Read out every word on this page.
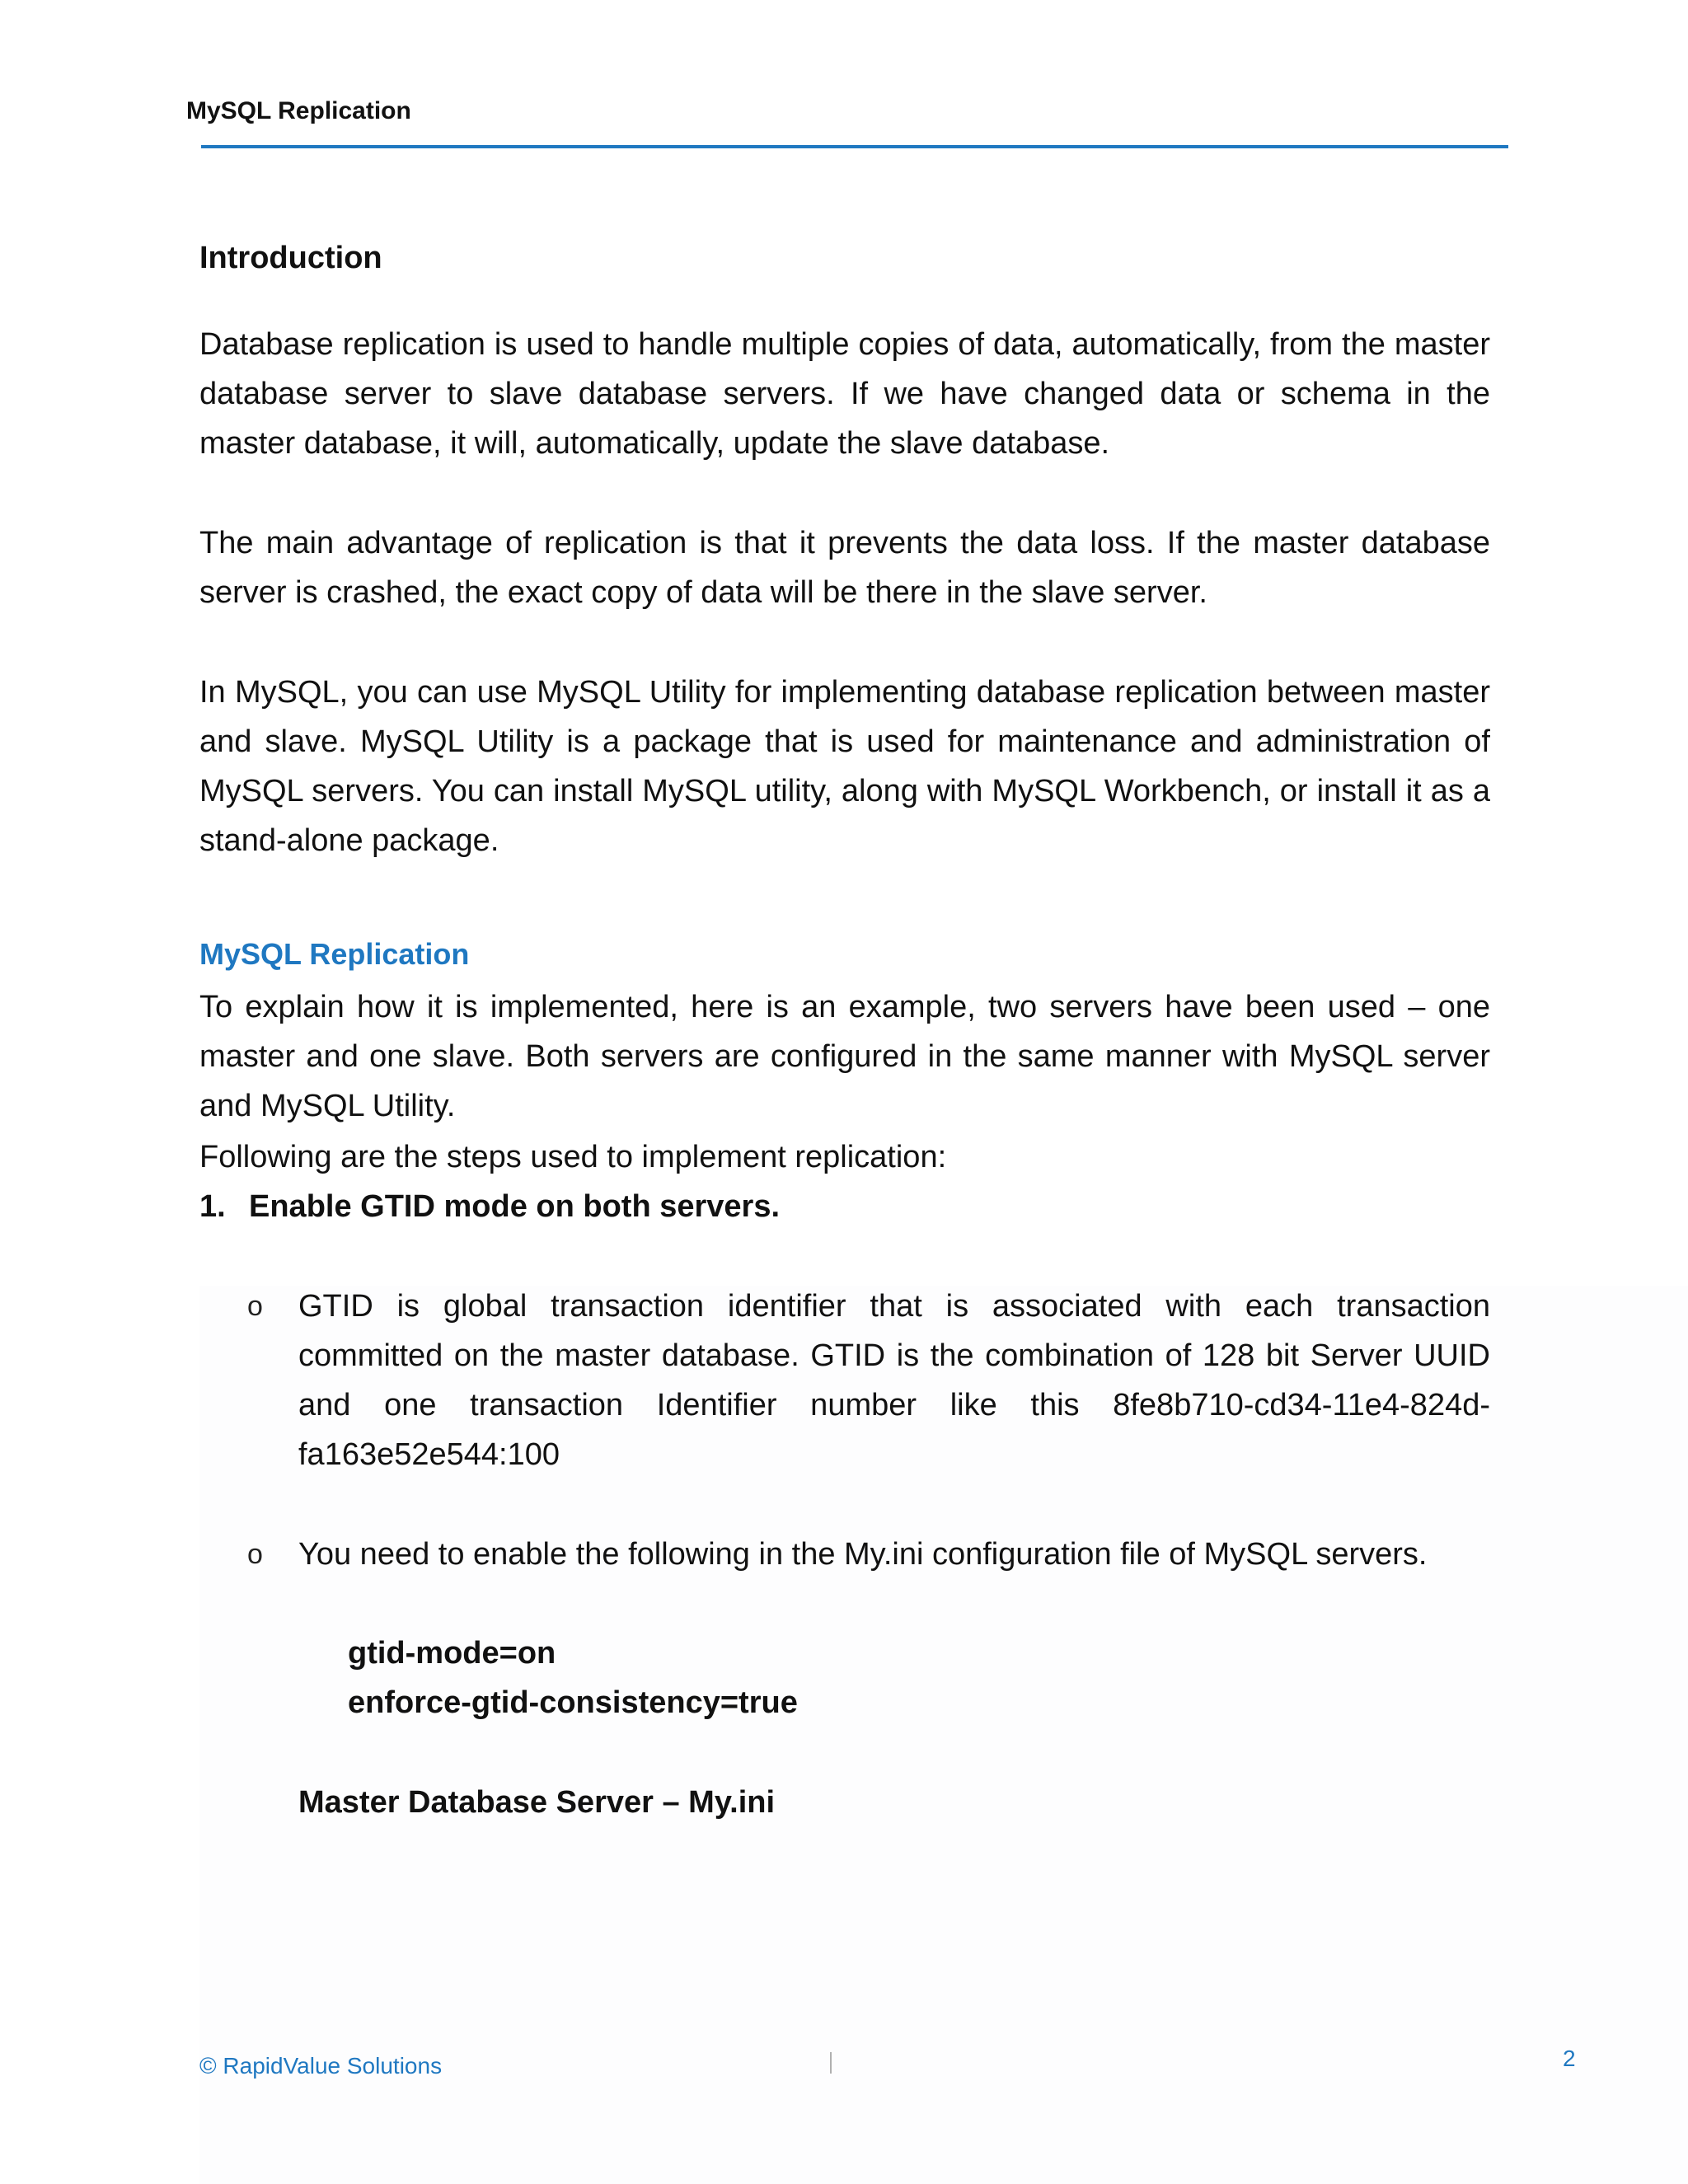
MySQL Replication
Introduction

Database replication is used to handle multiple copies of data, automatically, from the master database server to slave database servers. If we have changed data or schema in the master database, it will, automatically, update the slave database.

The main advantage of replication is that it prevents the data loss. If the master database server is crashed, the exact copy of data will be there in the slave server.

In MySQL, you can use MySQL Utility for implementing database replication between master and slave. MySQL Utility is a package that is used for maintenance and administration of MySQL servers. You can install MySQL utility, along with MySQL Workbench, or install it as a stand-alone package.

MySQL Replication

To explain how it is implemented, here is an example, two servers have been used – one master and one slave. Both servers are configured in the same manner with MySQL server and MySQL Utility.

Following are the steps used to implement replication:
1. Enable GTID mode on both servers.
o GTID is global transaction identifier that is associated with each transaction committed on the master database. GTID is the combination of 128 bit Server UUID and one transaction Identifier number like this 8fe8b710-cd34-11e4-824d-fa163e52e544:100

o You need to enable the following in the My.ini configuration file of MySQL servers.

gtid-mode=on
enforce-gtid-consistency=true
Master Database Server – My.ini
© RapidValue Solutions	2
